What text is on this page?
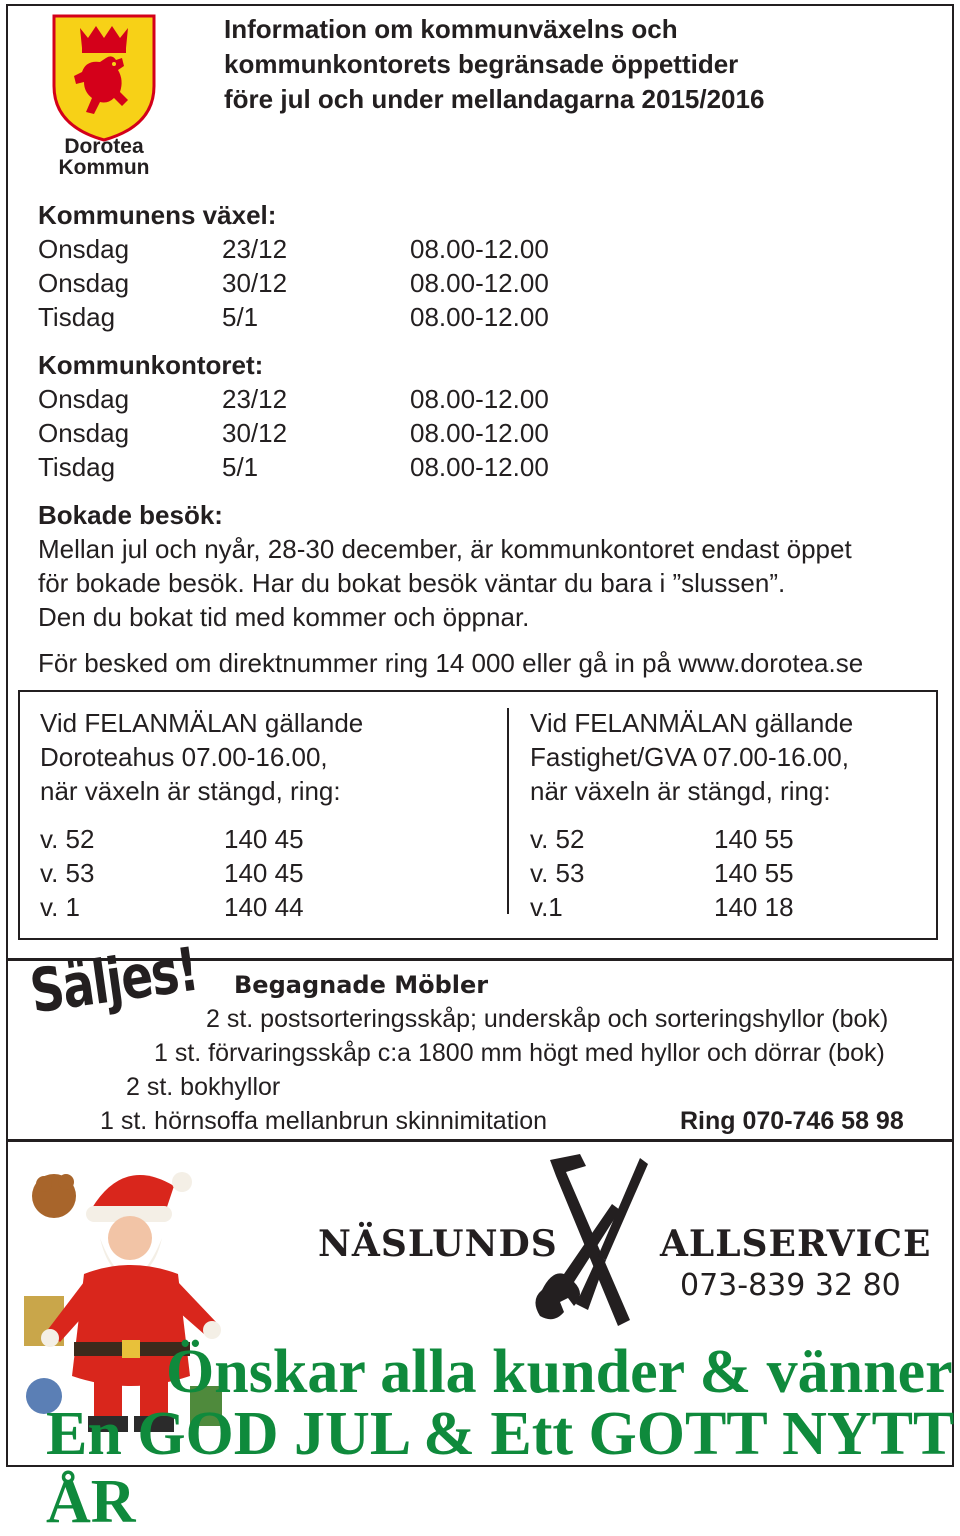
Dorotea
Kommun
Information om kommunväxelns och
kommunkontorets begränsade öppettider
före jul och under mellandagarna 2015/2016
Kommunens växel:
Onsdag	23/12	08.00-12.00
Onsdag	30/12	08.00-12.00
Tisdag	5/1	08.00-12.00
Kommunkontoret:
Onsdag	23/12	08.00-12.00
Onsdag	30/12	08.00-12.00
Tisdag	5/1	08.00-12.00
Bokade besök:
Mellan jul och nyår, 28-30 december, är kommunkontoret endast öppet
för bokade besök. Har du bokat besök väntar du bara i ”slussen”.
Den du bokat tid med kommer och öppnar.
För besked om direktnummer ring 14 000 eller gå in på www.dorotea.se
Vid FELANMÄLAN gällande
Doroteahus 07.00-16.00,
när växeln är stängd, ring:
v. 52	140 45
v. 53	140 45
v. 1	140 44
Vid FELANMÄLAN gällande
Fastighet/GVA 07.00-16.00,
när växeln är stängd, ring:
v. 52	140 55
v. 53	140 55
v.1	140 18
Säljes! Begagnade Möbler
2 st. postsorteringsskåp; underskåp och sorteringshyllor (bok)
1 st. förvaringsskåp c:a 1800 mm högt med hyllor och dörrar (bok)
2 st. bokhyllor
1 st. hörnsoffa mellanbrun skinnimitation	Ring 070-746 58 98
NÄSLUNDS	ALLSERVICE
073-839 32 80
Önskar alla kunder & vänner
En GOD JUL & Ett GOTT NYTT ÅR
